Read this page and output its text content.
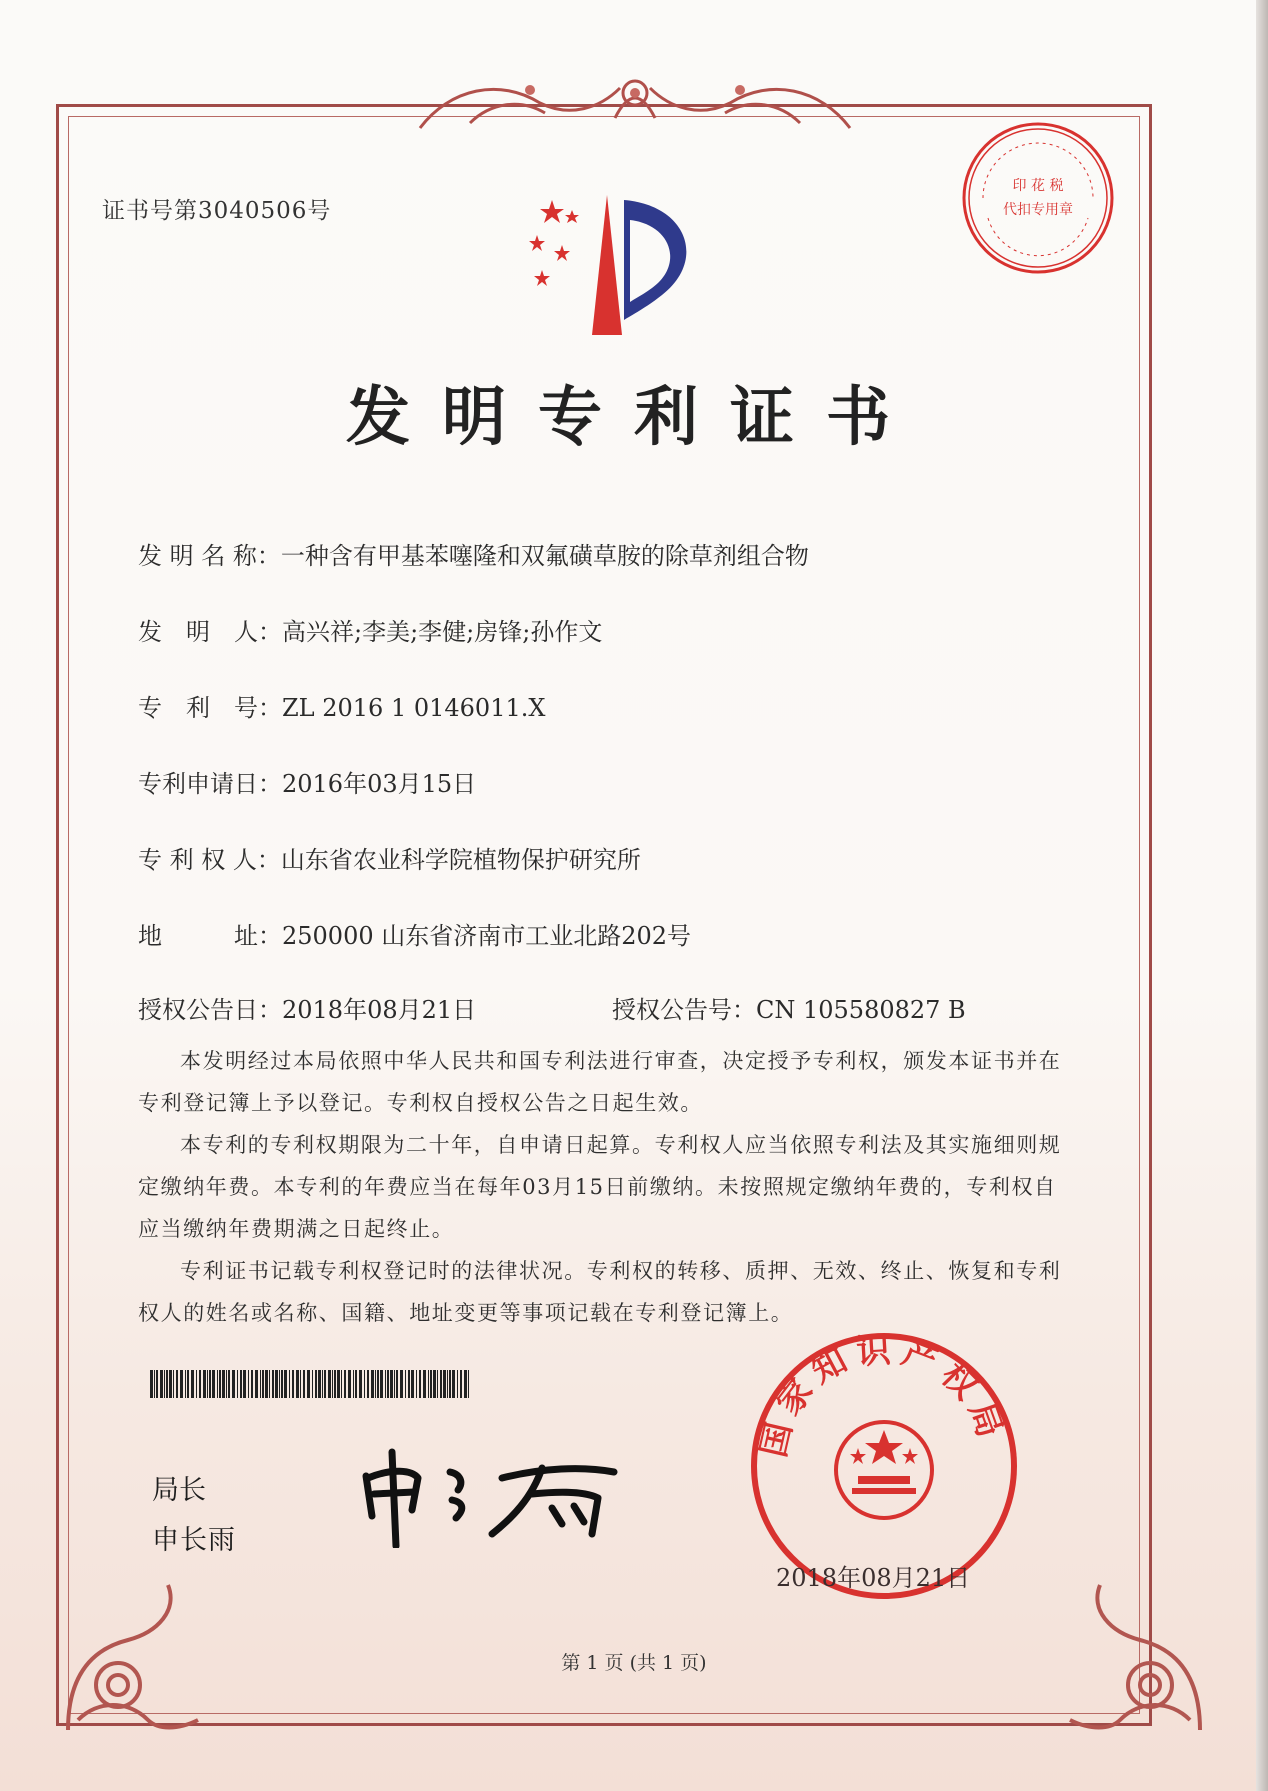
证书号第3040506号
印 花 税
代扣专用章
发明专利证书
发 明 名 称：一种含有甲基苯噻隆和双氟磺草胺的除草剂组合物
发　明　人：高兴祥;李美;李健;房锋;孙作文
专　利　号：ZL 2016 1 0146011.X
专利申请日：2016年03月15日
专 利 权 人：山东省农业科学院植物保护研究所
地　　　址：250000 山东省济南市工业北路202号
授权公告日：2018年08月21日	授权公告号：CN 105580827 B

本发明经过本局依照中华人民共和国专利法进行审查，决定授予专利权，颁发本证书并在专利登记簿上予以登记。专利权自授权公告之日起生效。

本专利的专利权期限为二十年，自申请日起算。专利权人应当依照专利法及其实施细则规定缴纳年费。本专利的年费应当在每年03月15日前缴纳。未按照规定缴纳年费的，专利权自应当缴纳年费期满之日起终止。

专利证书记载专利权登记时的法律状况。专利权的转移、质押、无效、终止、恢复和专利权人的姓名或名称、国籍、地址变更等事项记载在专利登记簿上。

局长
申长雨
国家知识产权局
2018年08月21日
第 1 页 (共 1 页)
